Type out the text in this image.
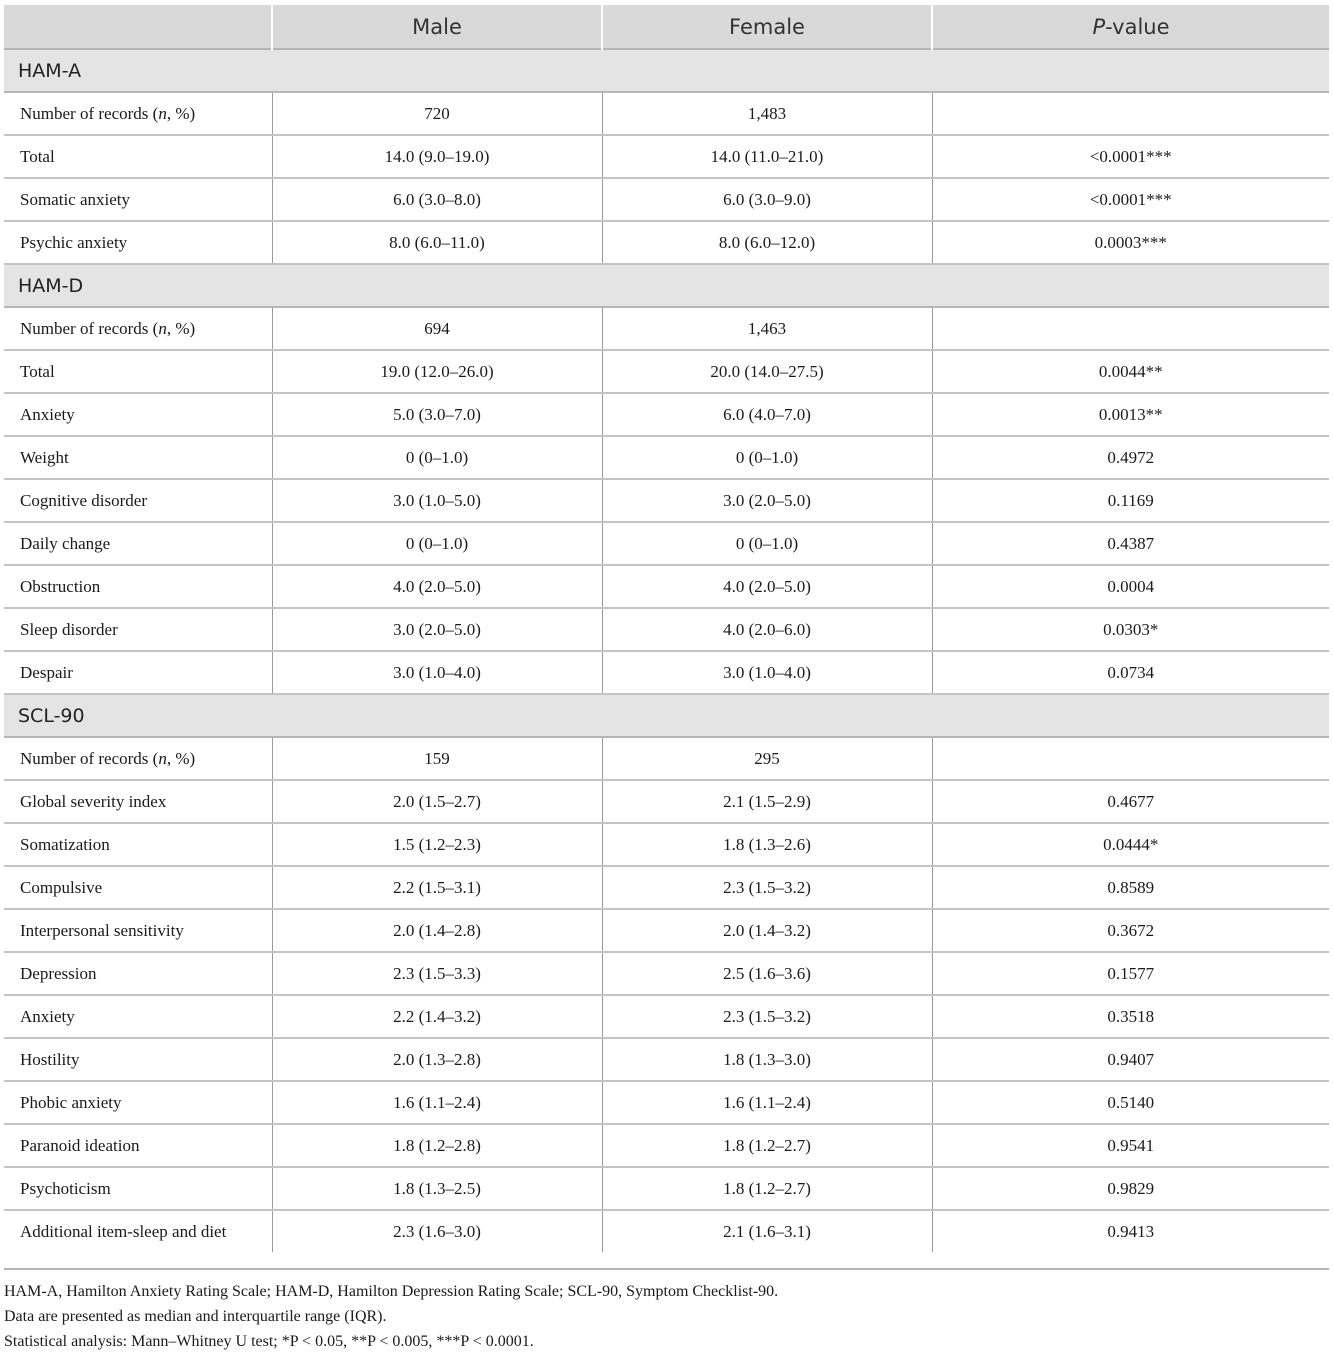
	Male	Female	P-value
HAM-A			
Number of records (n, %)	720	1,483	
Total	14.0 (9.0–19.0)	14.0 (11.0–21.0)	<0.0001***
Somatic anxiety	6.0 (3.0–8.0)	6.0 (3.0–9.0)	<0.0001***
Psychic anxiety	8.0 (6.0–11.0)	8.0 (6.0–12.0)	0.0003***
HAM-D			
Number of records (n, %)	694	1,463	
Total	19.0 (12.0–26.0)	20.0 (14.0–27.5)	0.0044**
Anxiety	5.0 (3.0–7.0)	6.0 (4.0–7.0)	0.0013**
Weight	0 (0–1.0)	0 (0–1.0)	0.4972
Cognitive disorder	3.0 (1.0–5.0)	3.0 (2.0–5.0)	0.1169
Daily change	0 (0–1.0)	0 (0–1.0)	0.4387
Obstruction	4.0 (2.0–5.0)	4.0 (2.0–5.0)	0.0004
Sleep disorder	3.0 (2.0–5.0)	4.0 (2.0–6.0)	0.0303*
Despair	3.0 (1.0–4.0)	3.0 (1.0–4.0)	0.0734
SCL-90			
Number of records (n, %)	159	295	
Global severity index	2.0 (1.5–2.7)	2.1 (1.5–2.9)	0.4677
Somatization	1.5 (1.2–2.3)	1.8 (1.3–2.6)	0.0444*
Compulsive	2.2 (1.5–3.1)	2.3 (1.5–3.2)	0.8589
Interpersonal sensitivity	2.0 (1.4–2.8)	2.0 (1.4–3.2)	0.3672
Depression	2.3 (1.5–3.3)	2.5 (1.6–3.6)	0.1577
Anxiety	2.2 (1.4–3.2)	2.3 (1.5–3.2)	0.3518
Hostility	2.0 (1.3–2.8)	1.8 (1.3–3.0)	0.9407
Phobic anxiety	1.6 (1.1–2.4)	1.6 (1.1–2.4)	0.5140
Paranoid ideation	1.8 (1.2–2.8)	1.8 (1.2–2.7)	0.9541
Psychoticism	1.8 (1.3–2.5)	1.8 (1.2–2.7)	0.9829
Additional item-sleep and diet	2.3 (1.6–3.0)	2.1 (1.6–3.1)	0.9413
HAM-A, Hamilton Anxiety Rating Scale; HAM-D, Hamilton Depression Rating Scale; SCL-90, Symptom Checklist-90.
Data are presented as median and interquartile range (IQR).
Statistical analysis: Mann–Whitney U test; *P < 0.05, **P < 0.005, ***P < 0.0001.
